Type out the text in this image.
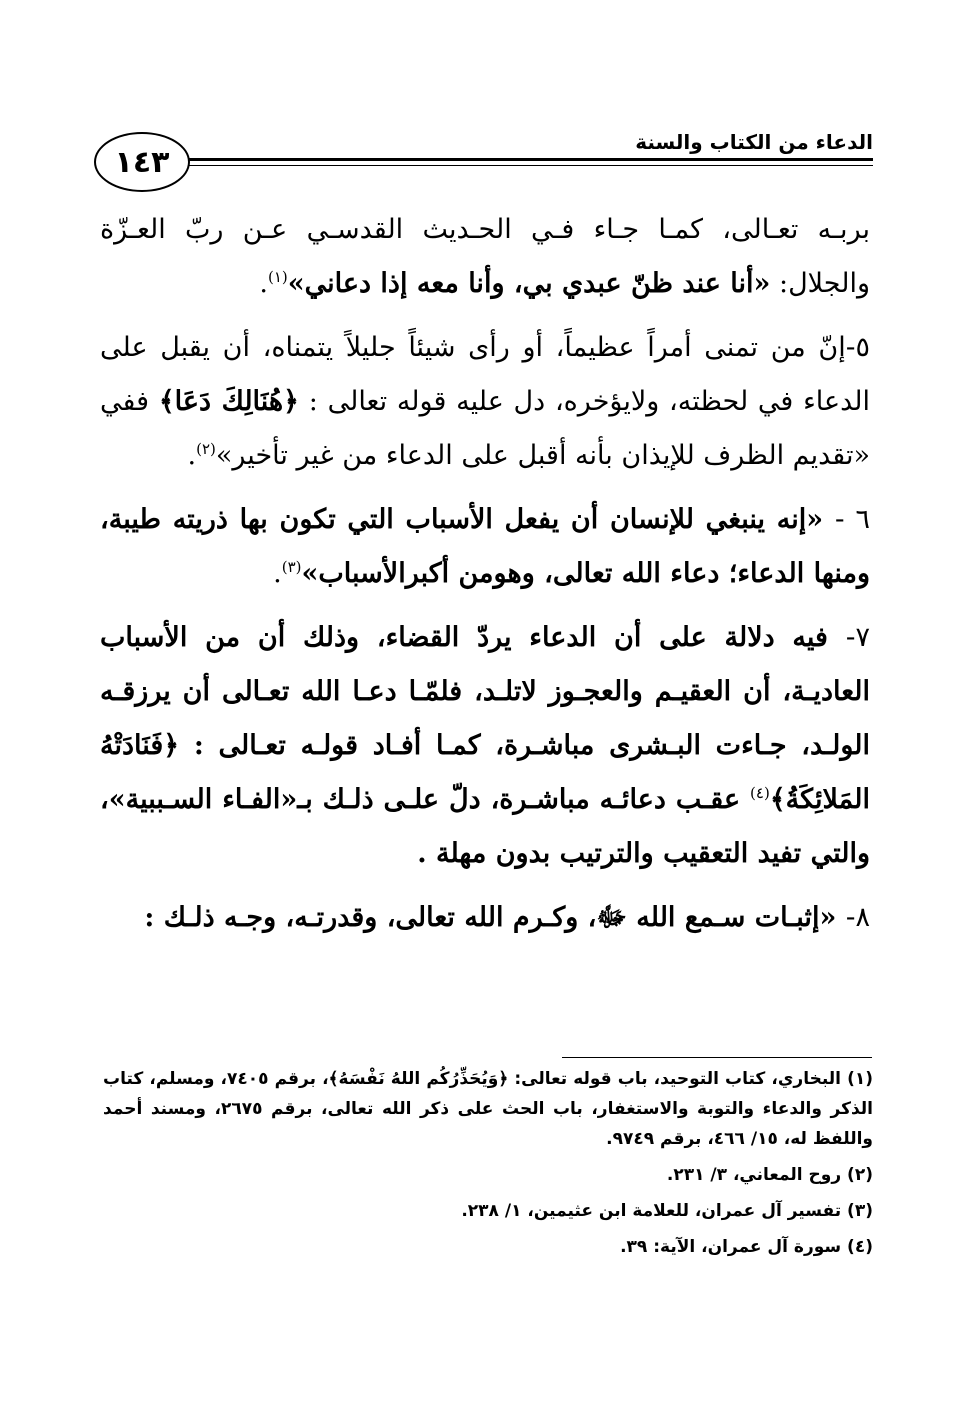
الدعاء من الكتاب والسنة
١٤٣

بربـه تعـالى، كمـا جـاء فـي الحـديث القدسـي عـن ربّ العـزّة والجلال: «أنا عند ظنّ عبدي بي، وأنا معه إذا دعاني»$^{(١)}$.

٥-إنّ من تمنى أمراً عظيماً، أو رأى شيئاً جليلاً يتمناه، أن يقبل على الدعاء في لحظته، ولايؤخره، دل عليه قوله تعالى : ﴿هُنَالِكَ دَعَا﴾ ففي «تقديم الظرف للإيذان بأنه أقبل على الدعاء من غير تأخير»$^{(٢)}$.

٦ - «إنه ينبغي للإنسان أن يفعل الأسباب التي تكون بها ذريته طيبة، ومنها الدعاء؛ دعاء الله تعالى، وهومن أكبرالأسباب»$^{(٣)}$.

٧- فيه دلالة على أن الدعاء يردّ القضاء، وذلك أن من الأسباب العاديـة، أن العقيـم والعجـوز لاتلـد، فلمّـا دعـا الله تعـالى أن يرزقـه الولـد، جـاءت البـشرى مباشـرة، كمـا أفـاد قولـه تعـالى : ﴿فَنَادَتْهُ المَلائِكَةُ﴾$^{(٤)}$ عقـب دعائـه مباشـرة، دلّ علـى ذلـك بـ«الفـاء السـببية»، والتي تفيد التعقيب والترتيب بدون مهلة .

٨- «إثبـات سـمع الله ﷻ، وكـرم الله تعالى، وقدرتـه، وجـه ذلـك :

(١) البخاري، كتاب التوحيد، باب قوله تعالى: ﴿وَيُحَذِّرُكُم اللهُ نَفْسَهُ﴾، برقم ٧٤٠٥، ومسلم، كتاب الذكر والدعاء والتوبة والاستغفار، باب الحث على ذكر الله تعالى، برقم ٢٦٧٥، ومسند أحمد واللفظ له، ١٥/ ٤٦٦، برقم ٩٧٤٩.
(٢) روح المعاني، ٣/ ٢٣١.
(٣) تفسير آل عمران، للعلامة ابن عثيمين، ١/ ٢٣٨.
(٤) سورة آل عمران، الآية: ٣٩.
